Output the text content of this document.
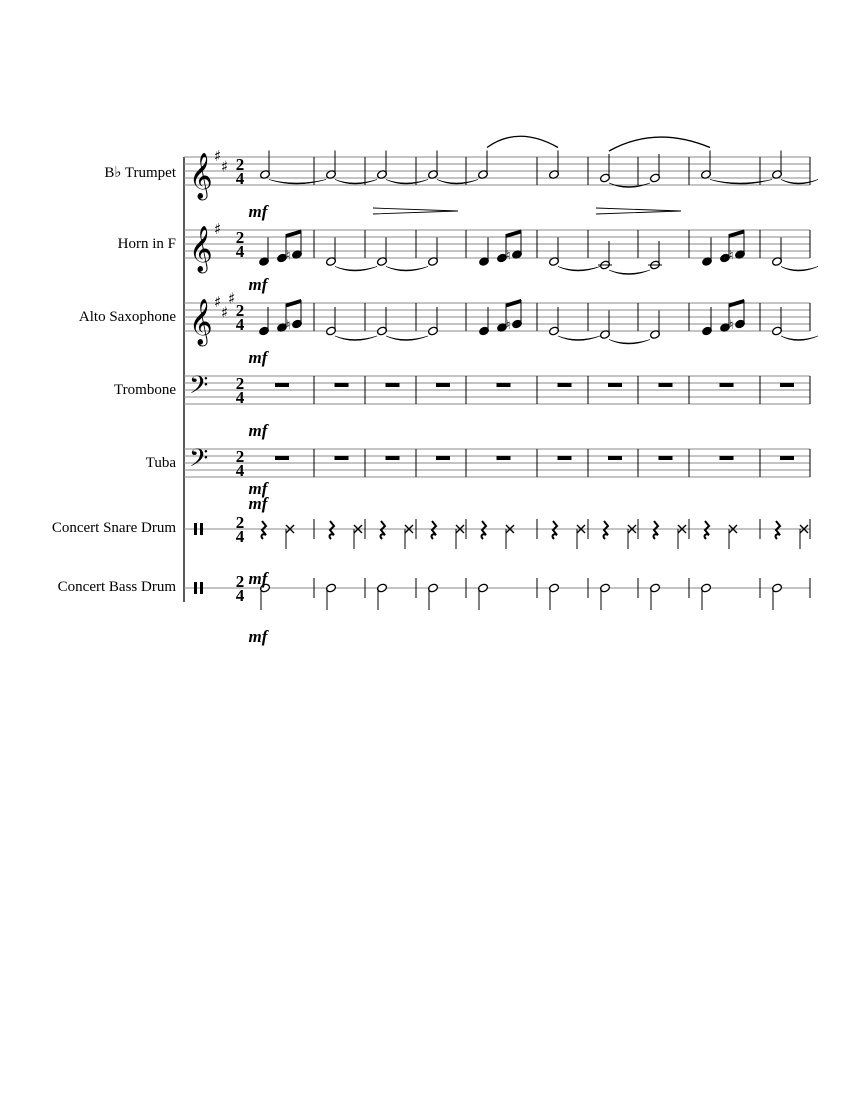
B♭ Trumpet
Horn in F
Alto Saxophone
Trombone
Tuba
Concert Snare Drum
Concert Bass Drum
𝄞 ♯
♯ 2
4
mf
𝄞 ♯ 2
4	♮	♮	♮
mf
𝄞 ♯
♯
♯
2
4	♮	♮	♮
mf
𝄢 2
4
mf
𝄢 2
4
mf
2
4
mf
2
4
mf
mf
